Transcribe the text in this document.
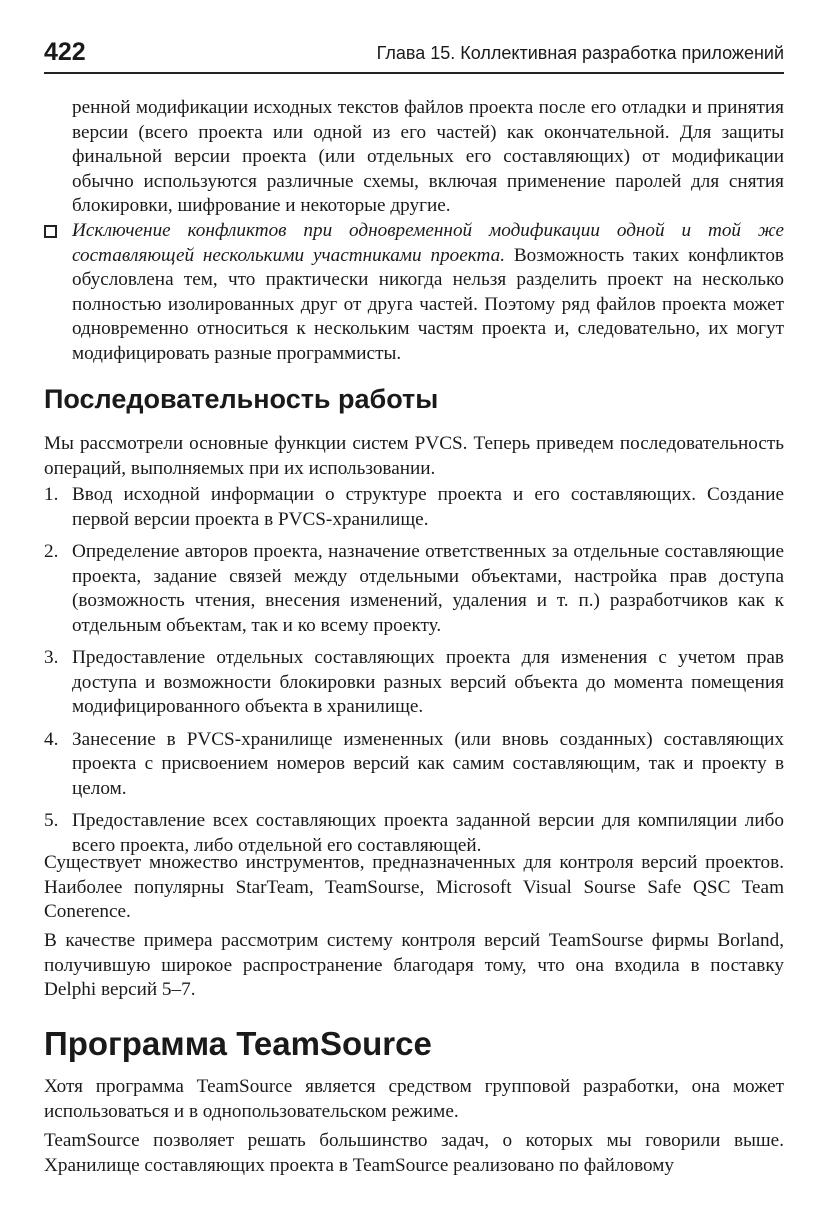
422	Глава 15. Коллективная разработка приложений
ренной модификации исходных текстов файлов проекта после его отладки и принятия версии (всего проекта или одной из его частей) как окончательной. Для защиты финальной версии проекта (или отдельных его составляющих) от модификации обычно используются различные схемы, включая применение паролей для снятия блокировки, шифрование и некоторые другие.
Исключение конфликтов при одновременной модификации одной и той же составляющей несколькими участниками проекта. Возможность таких конфликтов обусловлена тем, что практически никогда нельзя разделить проект на несколько полностью изолированных друг от друга частей. Поэтому ряд файлов проекта может одновременно относиться к нескольким частям проекта и, следовательно, их могут модифицировать разные программисты.
Последовательность работы
Мы рассмотрели основные функции систем PVCS. Теперь приведем последовательность операций, выполняемых при их использовании.
1. Ввод исходной информации о структуре проекта и его составляющих. Создание первой версии проекта в PVCS-хранилище.
2. Определение авторов проекта, назначение ответственных за отдельные составляющие проекта, задание связей между отдельными объектами, настройка прав доступа (возможность чтения, внесения изменений, удаления и т. п.) разработчиков как к отдельным объектам, так и ко всему проекту.
3. Предоставление отдельных составляющих проекта для изменения с учетом прав доступа и возможности блокировки разных версий объекта до момента помещения модифицированного объекта в хранилище.
4. Занесение в PVCS-хранилище измененных (или вновь созданных) составляющих проекта с присвоением номеров версий как самим составляющим, так и проекту в целом.
5. Предоставление всех составляющих проекта заданной версии для компиляции либо всего проекта, либо отдельной его составляющей.
Существует множество инструментов, предназначенных для контроля версий проектов. Наиболее популярны StarTeam, TeamSourse, Microsoft Visual Sourse Safe QSC Team Conerence.
В качестве примера рассмотрим систему контроля версий TeamSourse фирмы Borland, получившую широкое распространение благодаря тому, что она входила в поставку Delphi версий 5–7.
Программа TeamSource
Хотя программа TeamSource является средством групповой разработки, она может использоваться и в однопользовательском режиме.
TeamSource позволяет решать большинство задач, о которых мы говорили выше. Хранилище составляющих проекта в TeamSource реализовано по файловому
